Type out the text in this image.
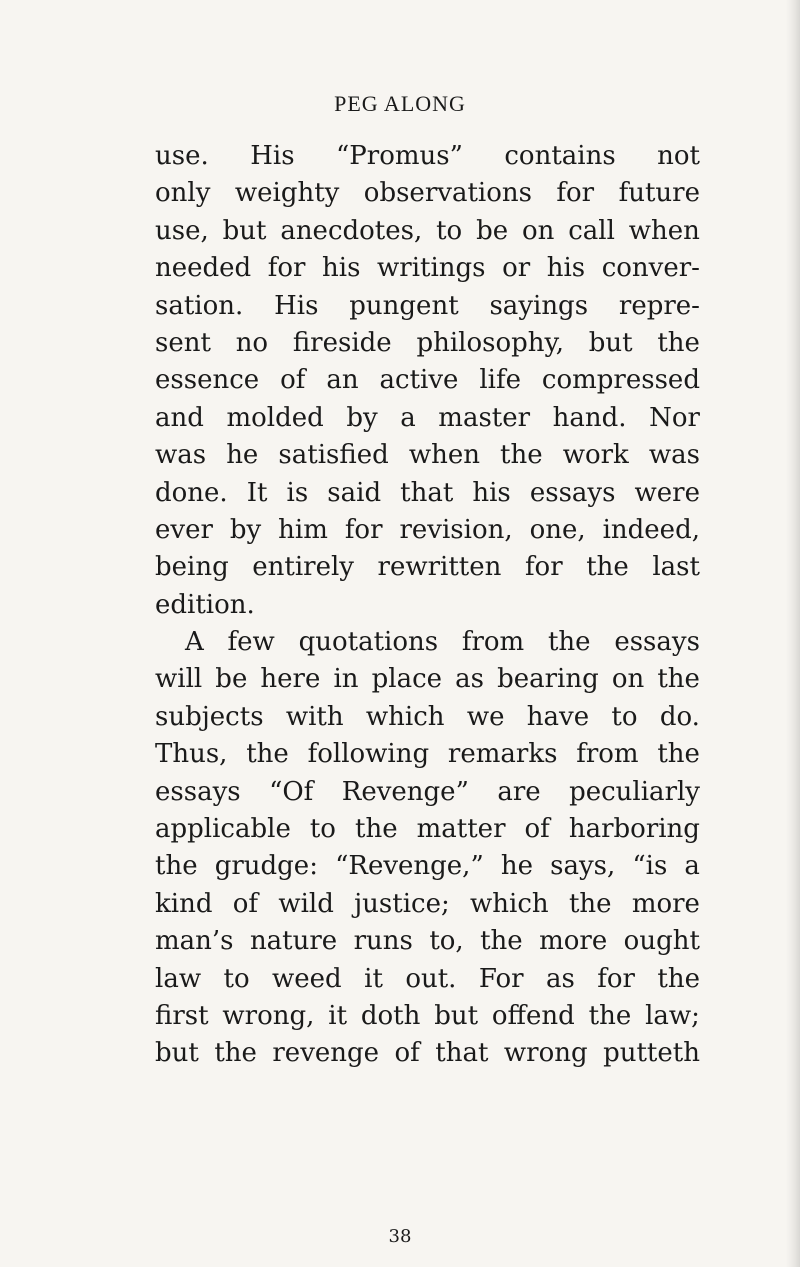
PEG ALONG
use. His “Promus” contains not
only weighty observations for future
use, but anecdotes, to be on call when
needed for his writings or his conver-
sation. His pungent sayings repre-
sent no fireside philosophy, but the
essence of an active life compressed
and molded by a master hand. Nor
was he satisfied when the work was
done. It is said that his essays were
ever by him for revision, one, indeed,
being entirely rewritten for the last
edition.
A few quotations from the essays
will be here in place as bearing on the
subjects with which we have to do.
Thus, the following remarks from the
essays “Of Revenge” are peculiarly
applicable to the matter of harboring
the grudge: “Revenge,” he says, “is a
kind of wild justice; which the more
man’s nature runs to, the more ought
law to weed it out. For as for the
first wrong, it doth but offend the law;
but the revenge of that wrong putteth
38
